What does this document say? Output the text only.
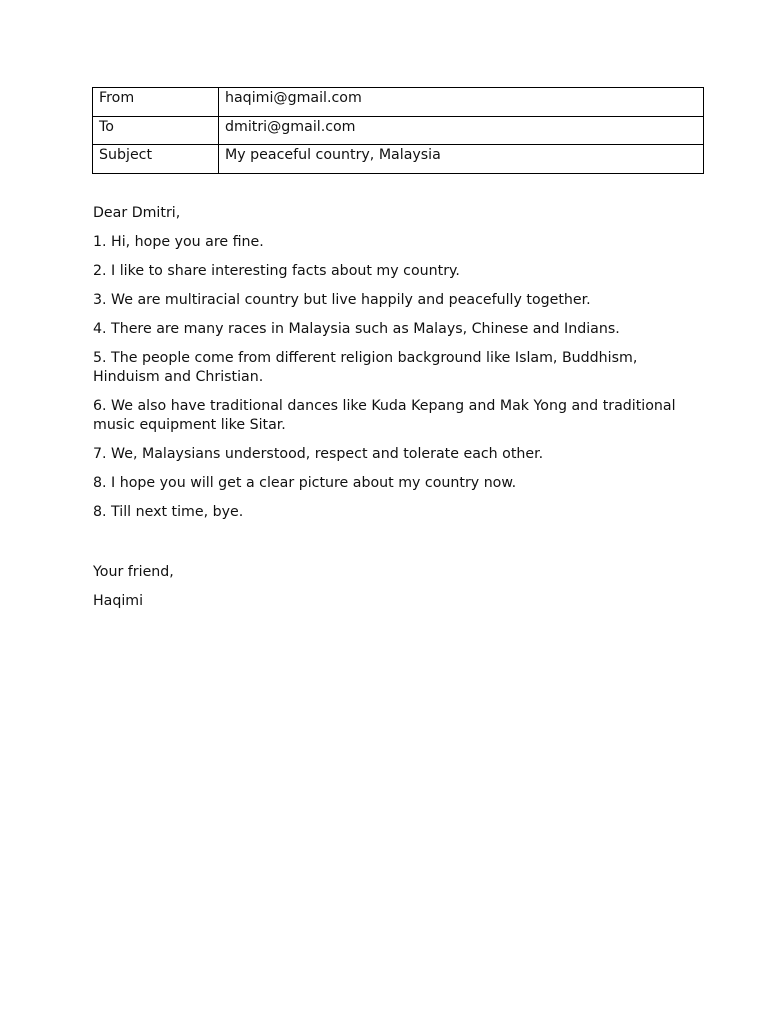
From	haqimi@gmail.com
To	dmitri@gmail.com
Subject	My peaceful country, Malaysia

Dear Dmitri,

1. Hi, hope you are fine.

2. I like to share interesting facts about my country.

3. We are multiracial country but live happily and peacefully together.

4. There are many races in Malaysia such as Malays, Chinese and Indians.

5. The people come from different religion background like Islam, Buddhism, Hinduism and Christian.

6. We also have traditional dances like Kuda Kepang and Mak Yong and traditional music equipment like Sitar.

7. We, Malaysians understood, respect and tolerate each other.

8. I hope you will get a clear picture about my country now.

8. Till next time, bye.

Your friend,

Haqimi
